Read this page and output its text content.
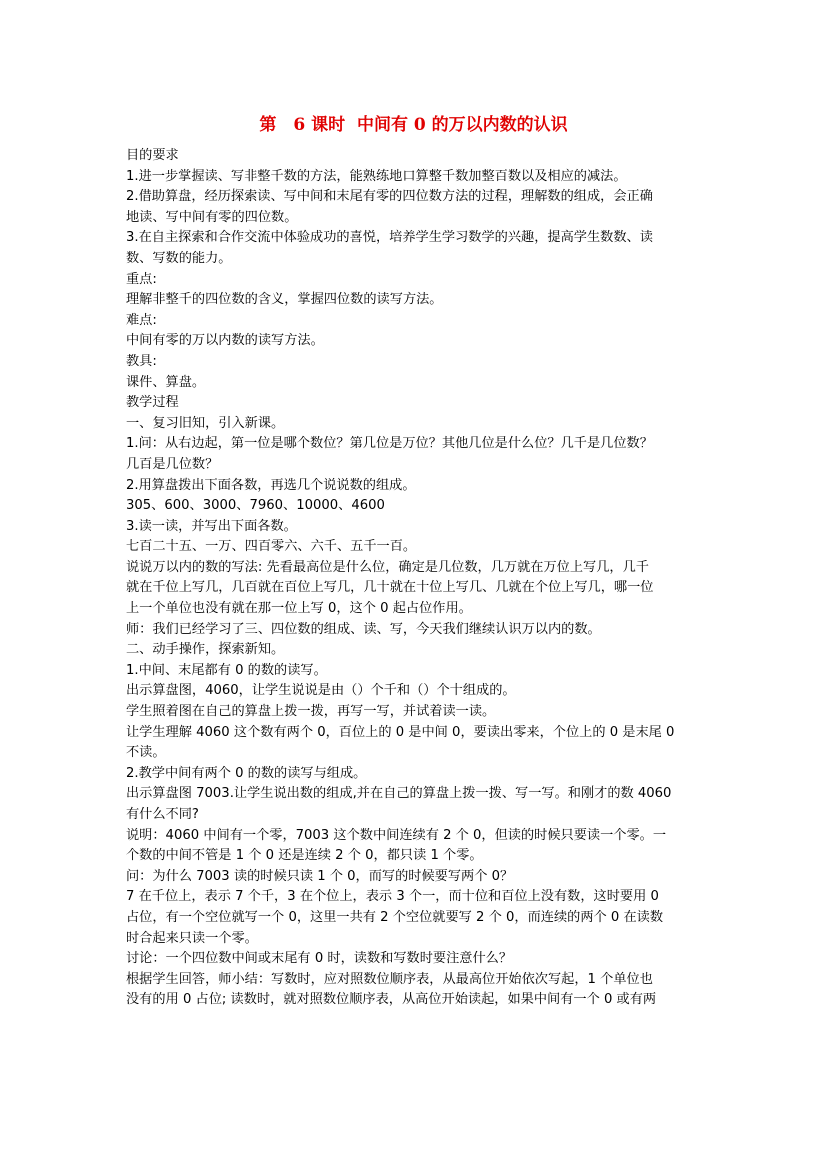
第　6 课时  中间有 0 的万以内数的认识
目的要求
1.进一步掌握读、写非整千数的方法，能熟练地口算整千数加整百数以及相应的减法。
2.借助算盘，经历探索读、写中间和末尾有零的四位数方法的过程，理解数的组成，会正确
地读、写中间有零的四位数。
3.在自主探索和合作交流中体验成功的喜悦，培养学生学习数学的兴趣，提高学生数数、读
数、写数的能力。
重点:
理解非整千的四位数的含义，掌握四位数的读写方法。
难点:
中间有零的万以内数的读写方法。
教具:
课件、算盘。
教学过程
一、复习旧知，引入新课。
1.问：从右边起，第一位是哪个数位？第几位是万位？其他几位是什么位？几千是几位数？
几百是几位数？
2.用算盘拨出下面各数，再选几个说说数的组成。
305、600、3000、7960、10000、4600
3.读一读，并写出下面各数。
七百二十五、一万、四百零六、六千、五千一百。
说说万以内的数的写法: 先看最高位是什么位，确定是几位数，几万就在万位上写几，几千
就在千位上写几，几百就在百位上写几，几十就在十位上写几、几就在个位上写几，哪一位
上一个单位也没有就在那一位上写 0，这个 0 起占位作用。
师：我们已经学习了三、四位数的组成、读、写，今天我们继续认识万以内的数。
二、动手操作，探索新知。
1.中间、末尾都有 0 的数的读写。
出示算盘图，4060，让学生说说是由（）个千和（）个十组成的。
学生照着图在自己的算盘上拨一拨，再写一写，并试着读一读。
让学生理解 4060 这个数有两个 0，百位上的 0 是中间 0，要读出零来，个位上的 0 是末尾 0
不读。
2.教学中间有两个 0 的数的读写与组成。
出示算盘图 7003.让学生说出数的组成,并在自己的算盘上拨一拨、写一写。和刚才的数 4060
有什么不同?
说明：4060 中间有一个零，7003 这个数中间连续有 2 个 0，但读的时候只要读一个零。一
个数的中间不管是 1 个 0 还是连续 2 个 0，都只读 1 个零。
问：为什么 7003 读的时候只读 1 个 0，而写的时候要写两个 0？
7 在千位上，表示 7 个千，3 在个位上，表示 3 个一，而十位和百位上没有数，这时要用 0
占位，有一个空位就写一个 0，这里一共有 2 个空位就要写 2 个 0，而连续的两个 0 在读数
时合起来只读一个零。
讨论：一个四位数中间或末尾有 0 时，读数和写数时要注意什么？
根据学生回答，师小结：写数时，应对照数位顺序表，从最高位开始依次写起，1 个单位也
没有的用 0 占位; 读数时，就对照数位顺序表，从高位开始读起，如果中间有一个 0 或有两
